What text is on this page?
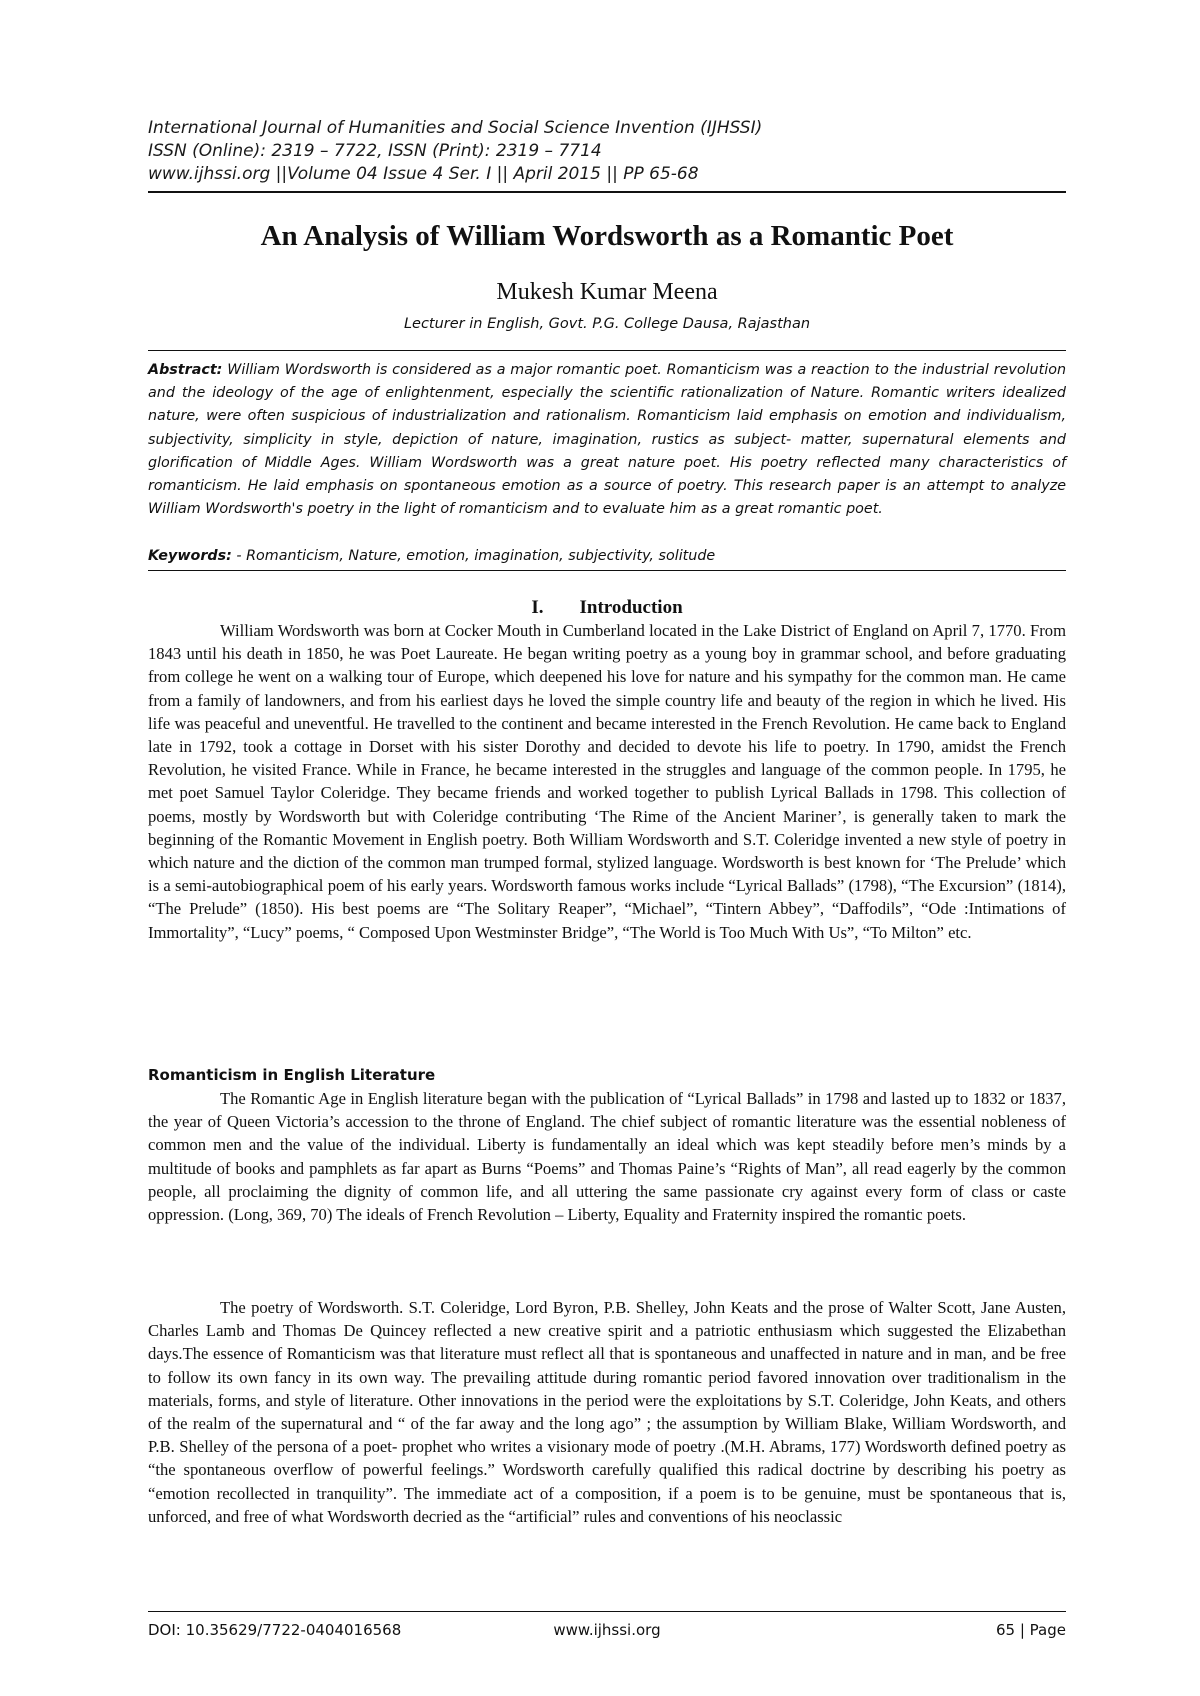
International Journal of Humanities and Social Science Invention (IJHSSI)
ISSN (Online): 2319 – 7722, ISSN (Print): 2319 – 7714
www.ijhssi.org ||Volume 04 Issue 4 Ser. I || April 2015 || PP 65-68
An Analysis of William Wordsworth as a Romantic Poet
Mukesh Kumar Meena
Lecturer in English, Govt. P.G. College Dausa, Rajasthan

Abstract: William Wordsworth is considered as a major romantic poet. Romanticism was a reaction to the industrial revolution and the ideology of the age of enlightenment, especially the scientific rationalization of Nature. Romantic writers idealized nature, were often suspicious of industrialization and rationalism. Romanticism laid emphasis on emotion and individualism, subjectivity, simplicity in style, depiction of nature, imagination, rustics as subject- matter, supernatural elements and glorification of Middle Ages. William Wordsworth was a great nature poet. His poetry reflected many characteristics of romanticism. He laid emphasis on spontaneous emotion as a source of poetry. This research paper is an attempt to analyze William Wordsworth's poetry in the light of romanticism and to evaluate him as a great romantic poet.

Keywords: - Romanticism, Nature, emotion, imagination, subjectivity, solitude

I. Introduction

William Wordsworth was born at Cocker Mouth in Cumberland located in the Lake District of England on April 7, 1770. From 1843 until his death in 1850, he was Poet Laureate. He began writing poetry as a young boy in grammar school, and before graduating from college he went on a walking tour of Europe, which deepened his love for nature and his sympathy for the common man. He came from a family of landowners, and from his earliest days he loved the simple country life and beauty of the region in which he lived. His life was peaceful and uneventful. He travelled to the continent and became interested in the French Revolution. He came back to England late in 1792, took a cottage in Dorset with his sister Dorothy and decided to devote his life to poetry. In 1790, amidst the French Revolution, he visited France. While in France, he became interested in the struggles and language of the common people. In 1795, he met poet Samuel Taylor Coleridge. They became friends and worked together to publish Lyrical Ballads in 1798. This collection of poems, mostly by Wordsworth but with Coleridge contributing ‘The Rime of the Ancient Mariner’, is generally taken to mark the beginning of the Romantic Movement in English poetry. Both William Wordsworth and S.T. Coleridge invented a new style of poetry in which nature and the diction of the common man trumped formal, stylized language. Wordsworth is best known for ‘The Prelude’ which is a semi-autobiographical poem of his early years. Wordsworth famous works include “Lyrical Ballads” (1798), “The Excursion” (1814), “The Prelude” (1850). His best poems are “The Solitary Reaper”, “Michael”, “Tintern Abbey”, “Daffodils”, “Ode :Intimations of Immortality”, “Lucy” poems, “ Composed Upon Westminster Bridge”, “The World is Too Much With Us”, “To Milton” etc.

Romanticism in English Literature

The Romantic Age in English literature began with the publication of “Lyrical Ballads” in 1798 and lasted up to 1832 or 1837, the year of Queen Victoria’s accession to the throne of England. The chief subject of romantic literature was the essential nobleness of common men and the value of the individual. Liberty is fundamentally an ideal which was kept steadily before men’s minds by a multitude of books and pamphlets as far apart as Burns “Poems” and Thomas Paine’s “Rights of Man”, all read eagerly by the common people, all proclaiming the dignity of common life, and all uttering the same passionate cry against every form of class or caste oppression. (Long, 369, 70) The ideals of French Revolution – Liberty, Equality and Fraternity inspired the romantic poets.

The poetry of Wordsworth. S.T. Coleridge, Lord Byron, P.B. Shelley, John Keats and the prose of Walter Scott, Jane Austen, Charles Lamb and Thomas De Quincey reflected a new creative spirit and a patriotic enthusiasm which suggested the Elizabethan days.The essence of Romanticism was that literature must reflect all that is spontaneous and unaffected in nature and in man, and be free to follow its own fancy in its own way. The prevailing attitude during romantic period favored innovation over traditionalism in the materials, forms, and style of literature. Other innovations in the period were the exploitations by S.T. Coleridge, John Keats, and others of the realm of the supernatural and “ of the far away and the long ago” ; the assumption by William Blake, William Wordsworth, and P.B. Shelley of the persona of a poet- prophet who writes a visionary mode of poetry .(M.H. Abrams, 177) Wordsworth defined poetry as “the spontaneous overflow of powerful feelings.” Wordsworth carefully qualified this radical doctrine by describing his poetry as “emotion recollected in tranquility”. The immediate act of a composition, if a poem is to be genuine, must be spontaneous that is, unforced, and free of what Wordsworth decried as the “artificial” rules and conventions of his neoclassic

DOI: 10.35629/7722-0404016568	www.ijhssi.org	65 | Page
